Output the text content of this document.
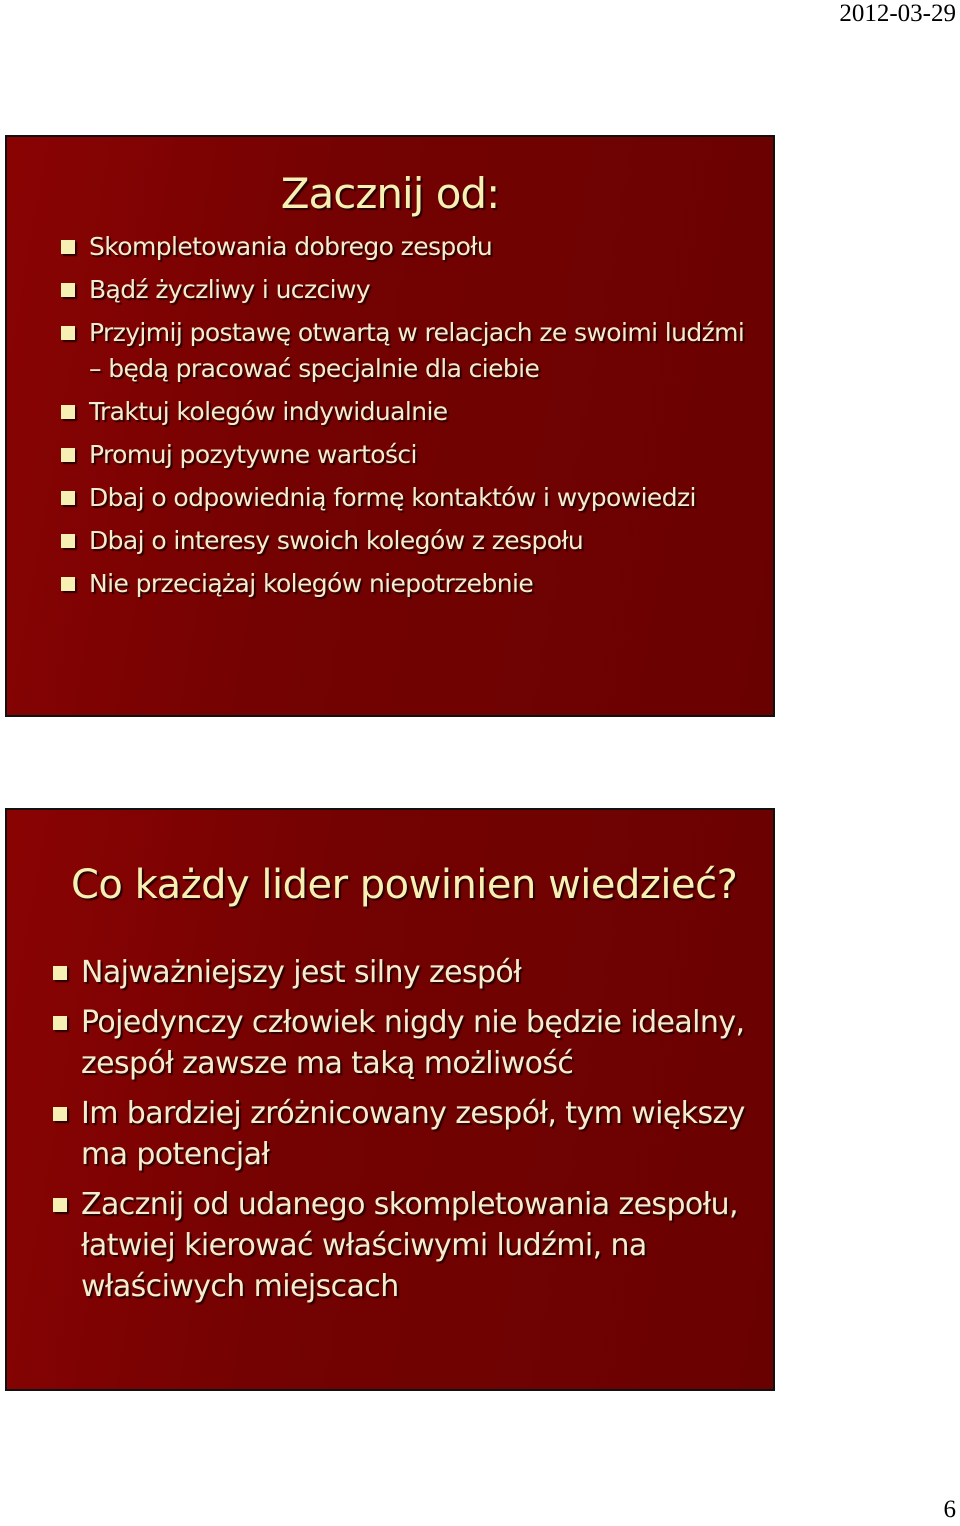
2012-03-29
Zacznij od:
Skompletowania dobrego zespołu
Bądź życzliwy i uczciwy
Przyjmij postawę otwartą w relacjach ze swoimi ludźmi – będą pracować specjalnie dla ciebie
Traktuj kolegów indywidualnie
Promuj pozytywne wartości
Dbaj o odpowiednią formę kontaktów i wypowiedzi
Dbaj o interesy swoich kolegów z zespołu
Nie przeciążaj kolegów niepotrzebnie
Co każdy lider powinien wiedzieć?
Najważniejszy jest silny zespół
Pojedynczy człowiek nigdy nie będzie idealny, zespół zawsze ma taką możliwość
Im bardziej zróżnicowany zespół, tym większy ma potencjał
Zacznij od udanego skompletowania zespołu, łatwiej kierować właściwymi ludźmi, na właściwych miejscach
6
